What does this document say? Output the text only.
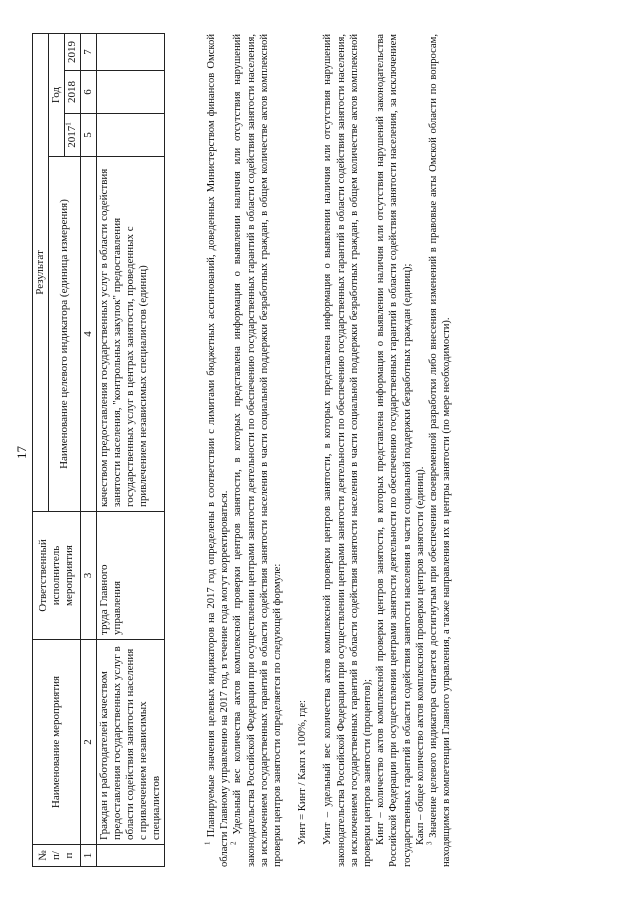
17
№ п/п	Наименование мероприятия	Ответственный исполнитель мероприятия	Результат			
			Наименование целевого индикатора (единица измерения)	Год		
				2017$^1$	2018	2019
1	2	3	4	5	6	7
	Граждан и работодателей качеством предоставления государственных услуг в области содействия занятости населения с привлечением независимых специалистов	труда Главного управления	качеством предоставления государственных услуг в области содействия занятости населения, "контрольных закупок" предоставления государственных услуг в центрах занятости, проведенных с привлечением независимых специалистов (единиц)			

$^1$ Планируемые значения целевых индикаторов на 2017 год определены в соответствии с лимитами бюджетных ассигнований, доведенных Министерством финансов Омской области Главному управлению на 2017 год, в течение года могут корректироваться. $^2$ Удельный вес количества актов комплексной проверки центров занятости, в которых представлена информация о выявлении наличия или отсутствия нарушений законодательства Российской Федерации при осуществлении центрами занятости деятельности по обеспечению государственных гарантий в области содействия занятости населения, за исключением государственных гарантий в области содействия занятости населения в части социальной поддержки безработных граждан, в общем количестве актов комплексной проверки центров занятости определяется по следующей формуле: Уинт = Кинт / Какп х 100%, где: Уинт – удельный вес количества актов комплексной проверки центров занятости, в которых представлена информация о выявлении наличия или отсутствия нарушений законодательства Российской Федерации при осуществлении центрами занятости деятельности по обеспечению государственных гарантий в области содействия занятости населения, за исключением государственных гарантий в области содействия занятости населения в части социальной поддержки безработных граждан, в общем количестве актов комплексной проверки центров занятости (процентов); Кинт – количество актов комплексной проверки центров занятости, в которых представлена информация о выявлении наличия или отсутствия нарушений законодательства Российской Федерации при осуществлении центрами занятости деятельности по обеспечению государственных гарантий в области содействия занятости населения, за исключением государственных гарантий в области содействия занятости населения в части социальной поддержки безработных граждан (единиц); Какп – общее количество актов комплексной проверки центров занятости (единиц). $^3$ Значение целевого индикатора считается достигнутым при обеспечении своевременной разработки либо внесения изменений в правовые акты Омской области по вопросам, находящимся в компетенции Главного управления, а также направления их в центры занятости (по мере необходимости).
